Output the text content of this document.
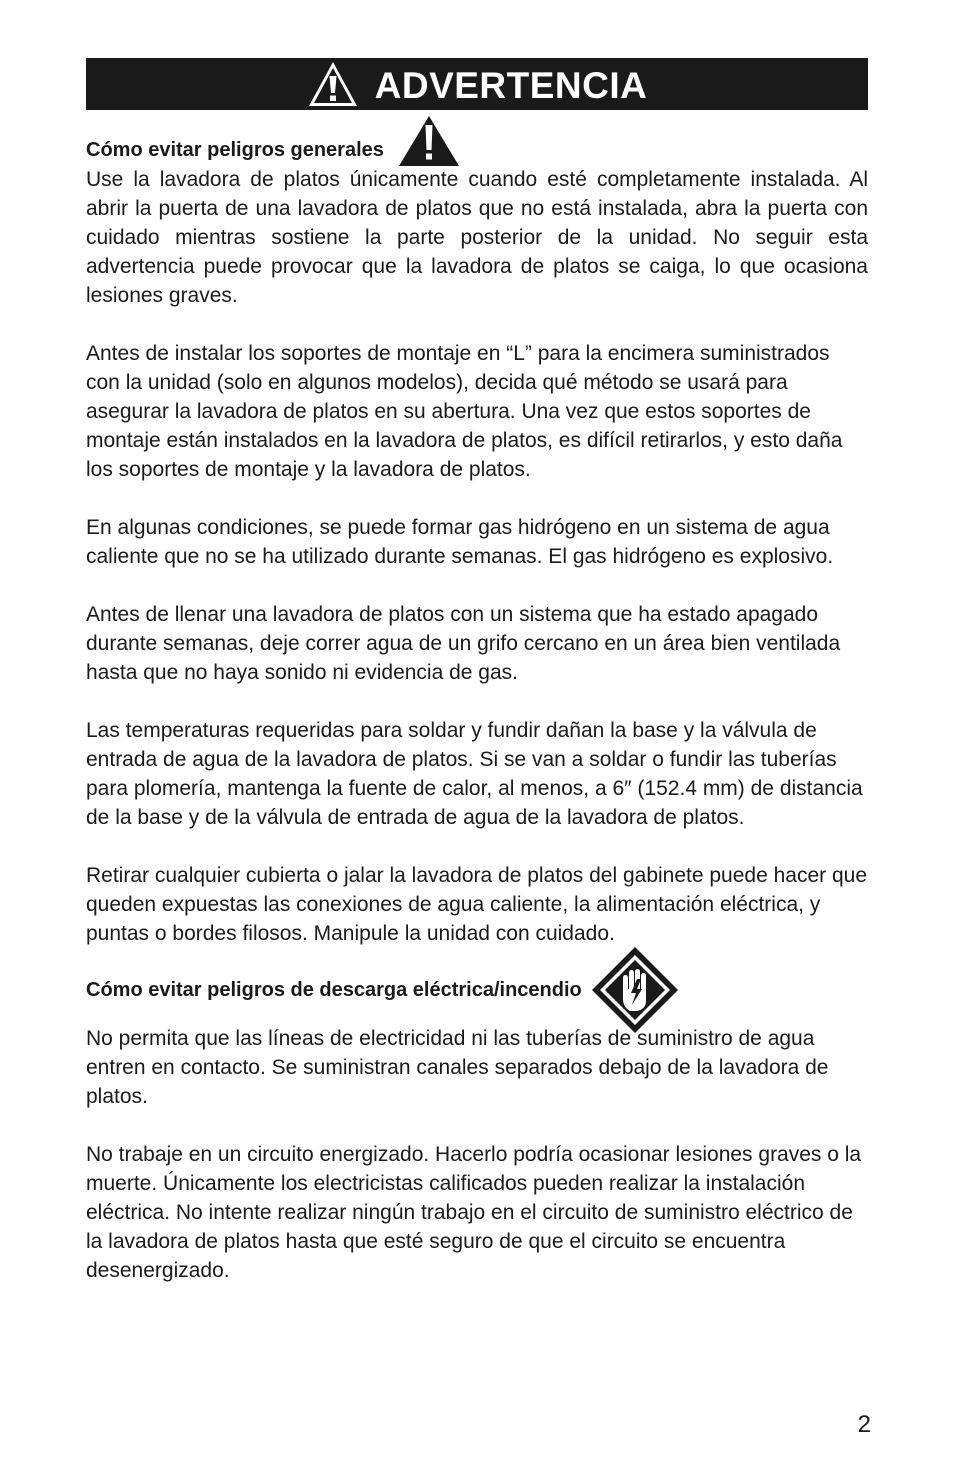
ADVERTENCIA
Cómo evitar peligros generales

Use la lavadora de platos únicamente cuando esté completamente instalada. Al abrir la puerta de una lavadora de platos que no está instalada, abra la puerta con cuidado mientras sostiene la parte posterior de la unidad. No seguir esta advertencia puede provocar que la lavadora de platos se caiga, lo que ocasiona lesiones graves.

Antes de instalar los soportes de montaje en “L” para la encimera suministrados con la unidad (solo en algunos modelos), decida qué método se usará para asegurar la lavadora de platos en su abertura. Una vez que estos soportes de montaje están instalados en la lavadora de platos, es difícil retirarlos, y esto daña los soportes de montaje y la lavadora de platos.

En algunas condiciones, se puede formar gas hidrógeno en un sistema de agua caliente que no se ha utilizado durante semanas. El gas hidrógeno es explosivo.

Antes de llenar una lavadora de platos con un sistema que ha estado apagado durante semanas, deje correr agua de un grifo cercano en un área bien ventilada hasta que no haya sonido ni evidencia de gas.

Las temperaturas requeridas para soldar y fundir dañan la base y la válvula de entrada de agua de la lavadora de platos. Si se van a soldar o fundir las tuberías para plomería, mantenga la fuente de calor, al menos, a 6″ (152.4 mm) de distancia de la base y de la válvula de entrada de agua de la lavadora de platos.

Retirar cualquier cubierta o jalar la lavadora de platos del gabinete puede hacer que queden expuestas las conexiones de agua caliente, la alimentación eléctrica, y puntas o bordes filosos. Manipule la unidad con cuidado.

Cómo evitar peligros de descarga eléctrica/incendio

No permita que las líneas de electricidad ni las tuberías de suministro de agua entren en contacto. Se suministran canales separados debajo de la lavadora de platos.

No trabaje en un circuito energizado. Hacerlo podría ocasionar lesiones graves o la muerte. Únicamente los electricistas calificados pueden realizar la instalación eléctrica. No intente realizar ningún trabajo en el circuito de suministro eléctrico de la lavadora de platos hasta que esté seguro de que el circuito se encuentra desenergizado.

2
